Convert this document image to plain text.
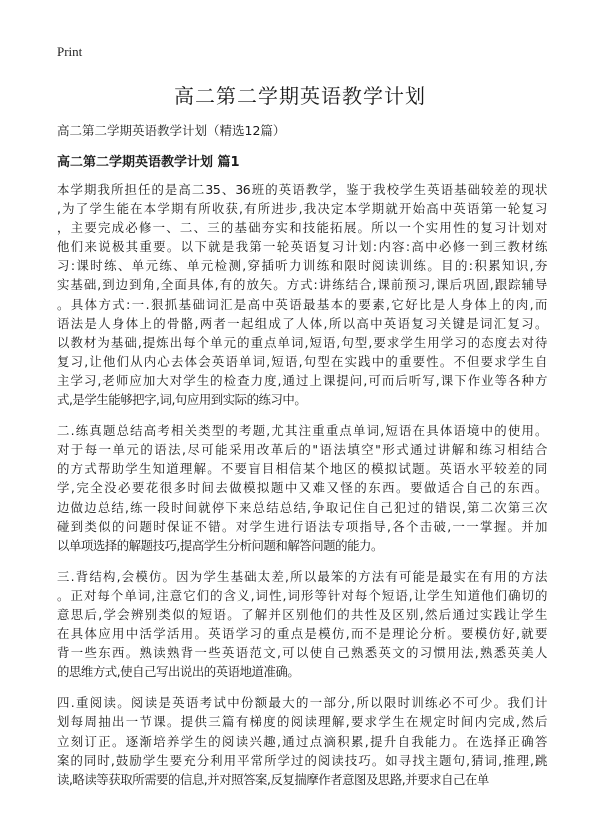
Print
高二第二学期英语教学计划
高二第二学期英语教学计划（精选12篇）
高二第二学期英语教学计划 篇1
本学期我所担任的是高二35、36班的英语教学，鉴于我校学生英语基础较差的现状
,为了学生能在本学期有所收获,有所进步,我决定本学期就开始高中英语第一轮复习
，主要完成必修一、二、三的基础夯实和技能拓展。所以一个实用性的复习计划对
他们来说极其重要。以下就是我第一轮英语复习计划:内容:高中必修一到三教材练
习:课时练、单元练、单元检测,穿插听力训练和限时阅读训练。目的:积累知识,夯
实基础,到边到角,全面具体,有的放矢。方式:讲练结合,课前预习,课后巩固,跟踪辅导
。具体方式:一.狠抓基础词汇是高中英语最基本的要素,它好比是人身体上的肉,而
语法是人身体上的骨骼,两者一起组成了人体,所以高中英语复习关键是词汇复习。
以教材为基础,提炼出每个单元的重点单词,短语,句型,要求学生用学习的态度去对待
复习,让他们从内心去体会英语单词,短语,句型在实践中的重要性。不但要求学生自
主学习,老师应加大对学生的检查力度,通过上课提问,可而后听写,课下作业等各种方
式,是学生能够把字,词,句应用到实际的练习中。
二.练真题总结高考相关类型的考题,尤其注重重点单词,短语在具体语境中的使用。
对于每一单元的语法,尽可能采用改革后的"语法填空"形式通过讲解和练习相结合
的方式帮助学生知道理解。不要盲目相信某个地区的模拟试题。英语水平较差的同
学,完全没必要花很多时间去做模拟题中又难又怪的东西。要做适合自己的东西。
边做边总结,练一段时间就停下来总结总结,争取记住自己犯过的错误,第二次第三次
碰到类似的问题时保证不错。对学生进行语法专项指导,各个击破,一一掌握。并加
以单项选择的解题技巧,提高学生分析问题和解答问题的能力。
三.背结构,会模仿。因为学生基础太差,所以最笨的方法有可能是最实在有用的方法
。正对每个单词,注意它们的含义,词性,词形等针对每个短语,让学生知道他们确切的
意思后,学会辨别类似的短语。了解并区别他们的共性及区别,然后通过实践让学生
在具体应用中活学活用。英语学习的重点是模仿,而不是理论分析。要模仿好,就要
背一些东西。熟读熟背一些英语范文,可以使自己熟悉英文的习惯用法,熟悉英美人
的思维方式,使自己写出说出的英语地道准确。
四.重阅读。阅读是英语考试中份额最大的一部分,所以限时训练必不可少。我们计
划每周抽出一节课。提供三篇有梯度的阅读理解,要求学生在规定时间内完成,然后
立刻订正。逐渐培养学生的阅读兴趣,通过点滴积累,提升自我能力。在选择正确答
案的同时,鼓励学生要充分利用平常所学过的阅读技巧。如寻找主题句,猜词,推理,跳
读,略读等获取所需要的信息,并对照答案,反复揣摩作者意图及思路,并要求自己在单
